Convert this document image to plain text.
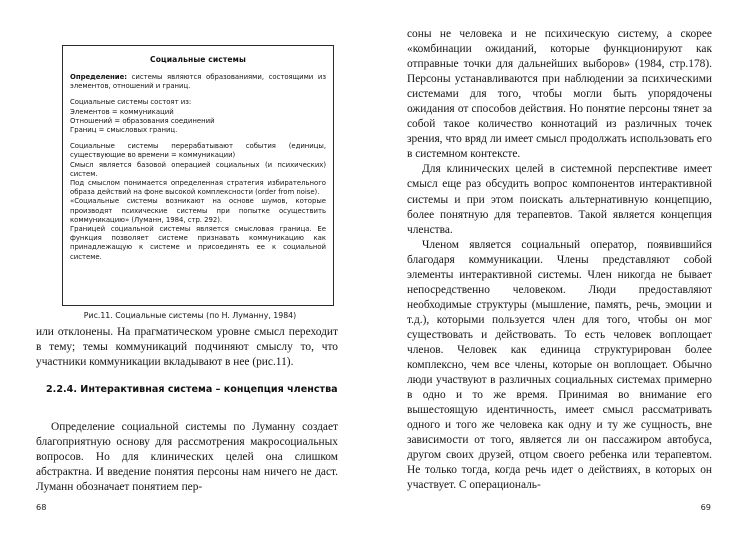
Социальные системы

Определение: системы являются образованиями, состоящими из элементов, отношений и границ.

Социальные системы состоят из:
Элементов = коммуникаций
Отношений = образования соединений
Границ = смысловых границ.

Социальные системы перерабатывают события (единицы, существующие во времени = коммуникации)

Смысл является базовой операцией социальных (и психических) систем.

Под смыслом понимается определенная стратегия избирательного образа действий на фоне высокой комплексности (order from noise).

«Социальные системы возникают на основе шумов, которые производят психические системы при попытке осуществить коммуникацию» (Луманн, 1984, стр. 292).

Границей социальной системы является смысловая граница. Ее функция позволяет системе признавать коммуникацию как принадлежащую к системе и присоединять ее к социальной системе.

Рис.11. Социальные системы (по Н. Луманну, 1984)

или отклонены. На прагматическом уровне смысл переходит в тему; темы коммуникаций подчиняют смыслу то, что участники коммуникации вкладывают в нее (рис.11).

2.2.4. Интерактивная система – концепция членства

Определение социальной системы по Луманну создает благоприятную основу для рассмотрения макросоциальных вопросов. Но для клинических целей она слишком абстрактна. И введение понятия персоны нам ничего не даст. Луманн обозначает понятием пер-

68

соны не человека и не психическую систему, а скорее «комбинации ожиданий, которые функционируют как отправные точки для дальнейших выборов» (1984, стр.178). Персоны устанавливаются при наблюдении за психическими системами для того, чтобы могли быть упорядочены ожидания от способов действия. Но понятие персоны тянет за собой такое количество коннотаций из различных точек зрения, что вряд ли имеет смысл продолжать использовать его в системном контексте.

Для клинических целей в системной перспективе имеет смысл еще раз обсудить вопрос компонентов интерактивной системы и при этом поискать альтернативную концепцию, более понятную для терапевтов. Такой является концепция членства.

Членом является социальный оператор, появившийся благодаря коммуникации. Члены представляют собой элементы интерактивной системы. Член никогда не бывает непосредственно человеком. Люди предоставляют необходимые структуры (мышление, память, речь, эмоции и т.д.), которыми пользуется член для того, чтобы он мог существовать и действовать. То есть человек воплощает членов. Человек как единица структурирован более комплексно, чем все члены, которые он воплощает. Обычно люди участвуют в различных социальных системах примерно в одно и то же время. Принимая во внимание его вышестоящую идентичность, имеет смысл рассматривать одного и того же человека как одну и ту же сущность, вне зависимости от того, является ли он пассажиром автобуса, другом своих друзей, отцом своего ребенка или терапевтом. Не только тогда, когда речь идет о действиях, в которых он участвует. С операциональ-

69
